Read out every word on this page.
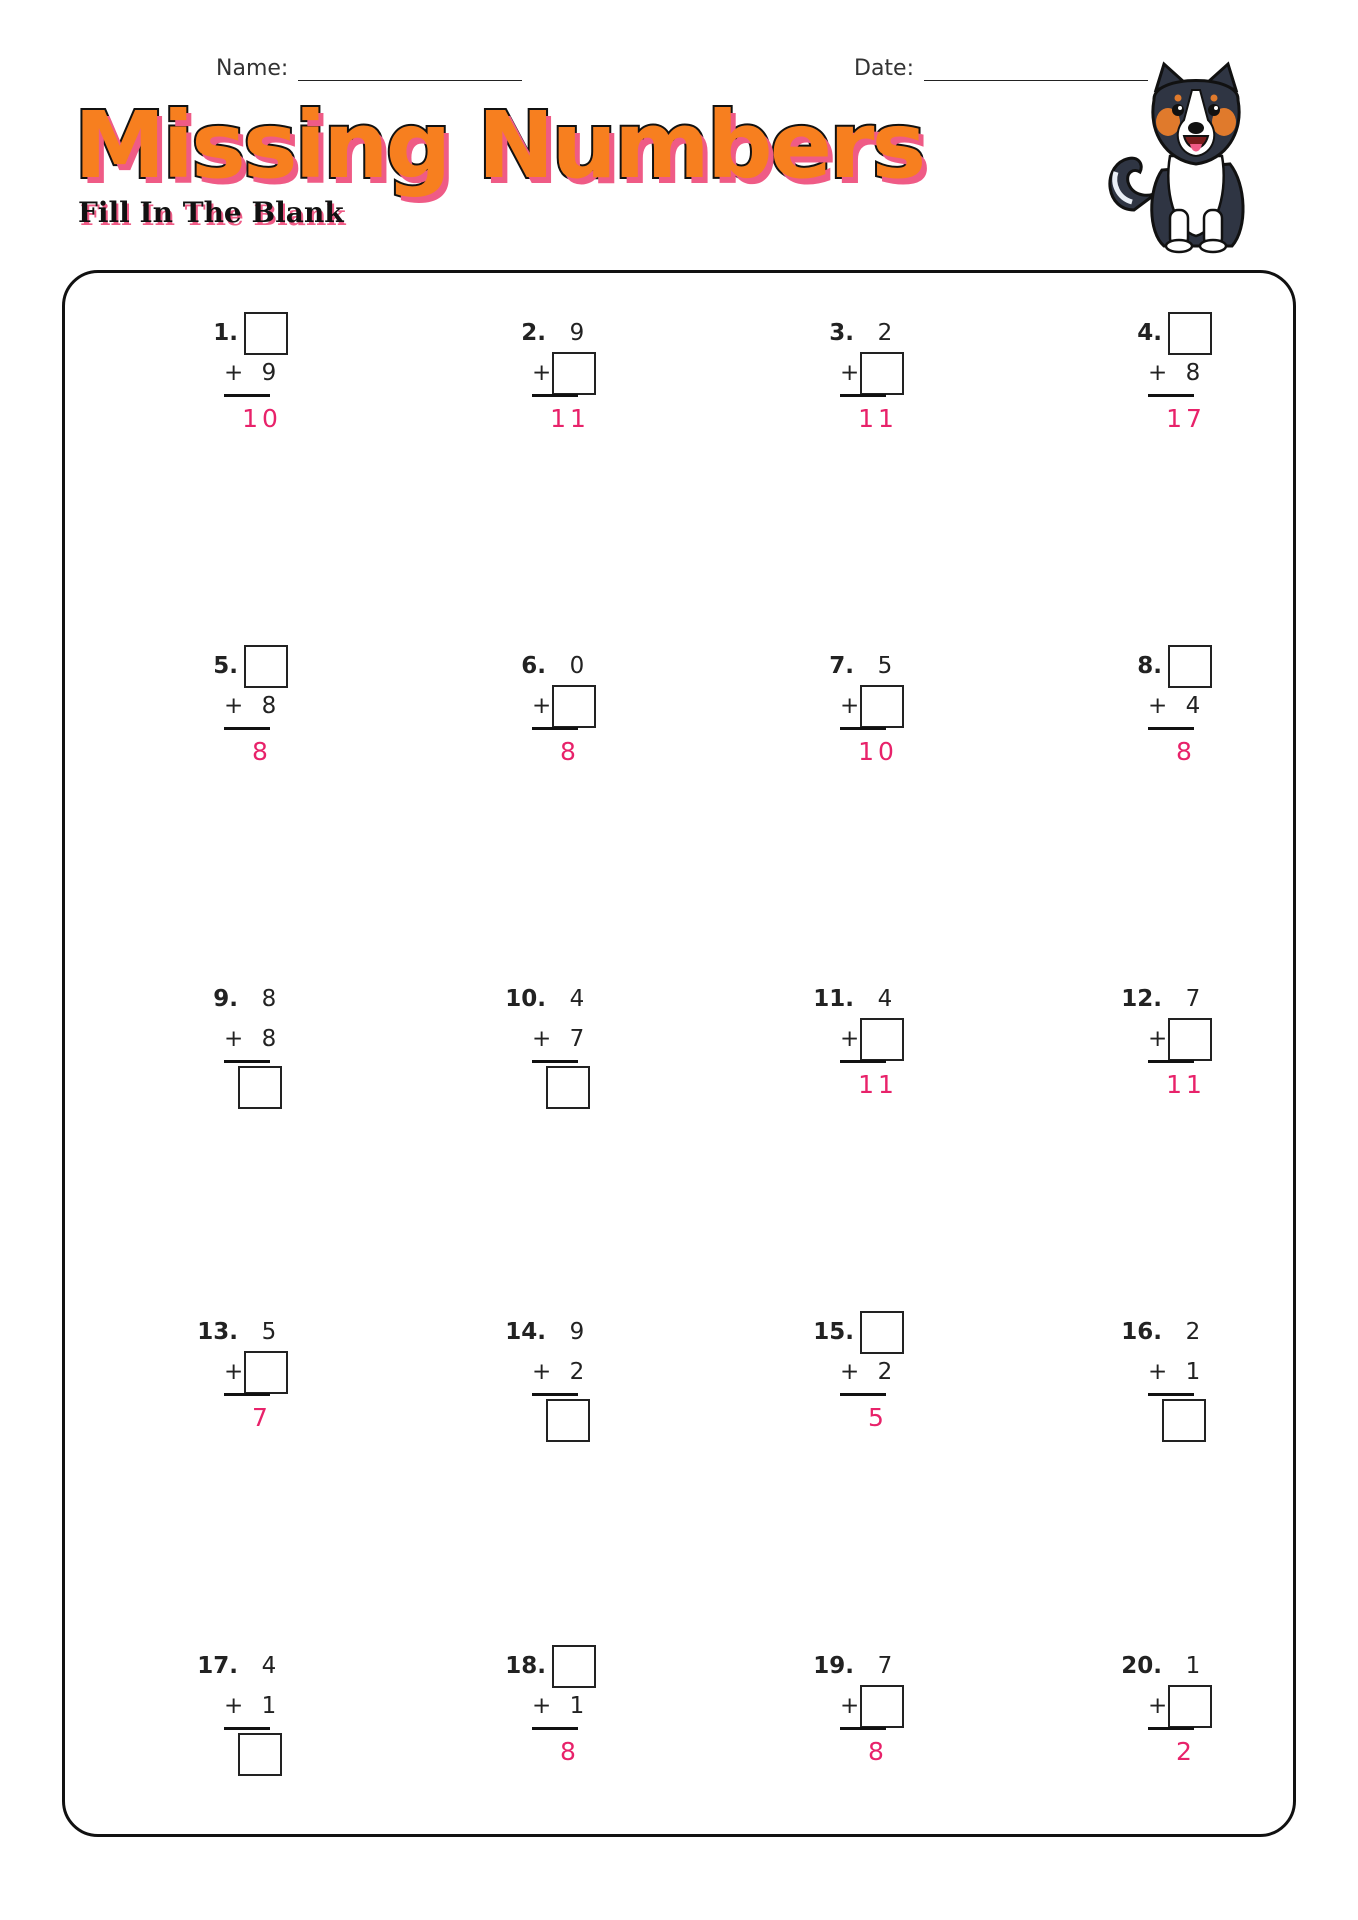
Name:	Date:
Missing Numbers
Fill In The Blank
1.
+ 9
10
2.	9
+
11
3.	2
+
11
4.
+ 8
17
5.
+ 8
8
6.	0
+
8
7.	5
+
10
8.
+ 4
8
9.	8
+ 8
10.	4
+ 7
11.	4
+
11
12.	7
+
11
13.	5
+
7
14.	9
+ 2
15.
+ 2
5
16.	2
+ 1
17.	4
+ 1
18.
+ 1
8
19.	7
+
8
20.	1
+
2
